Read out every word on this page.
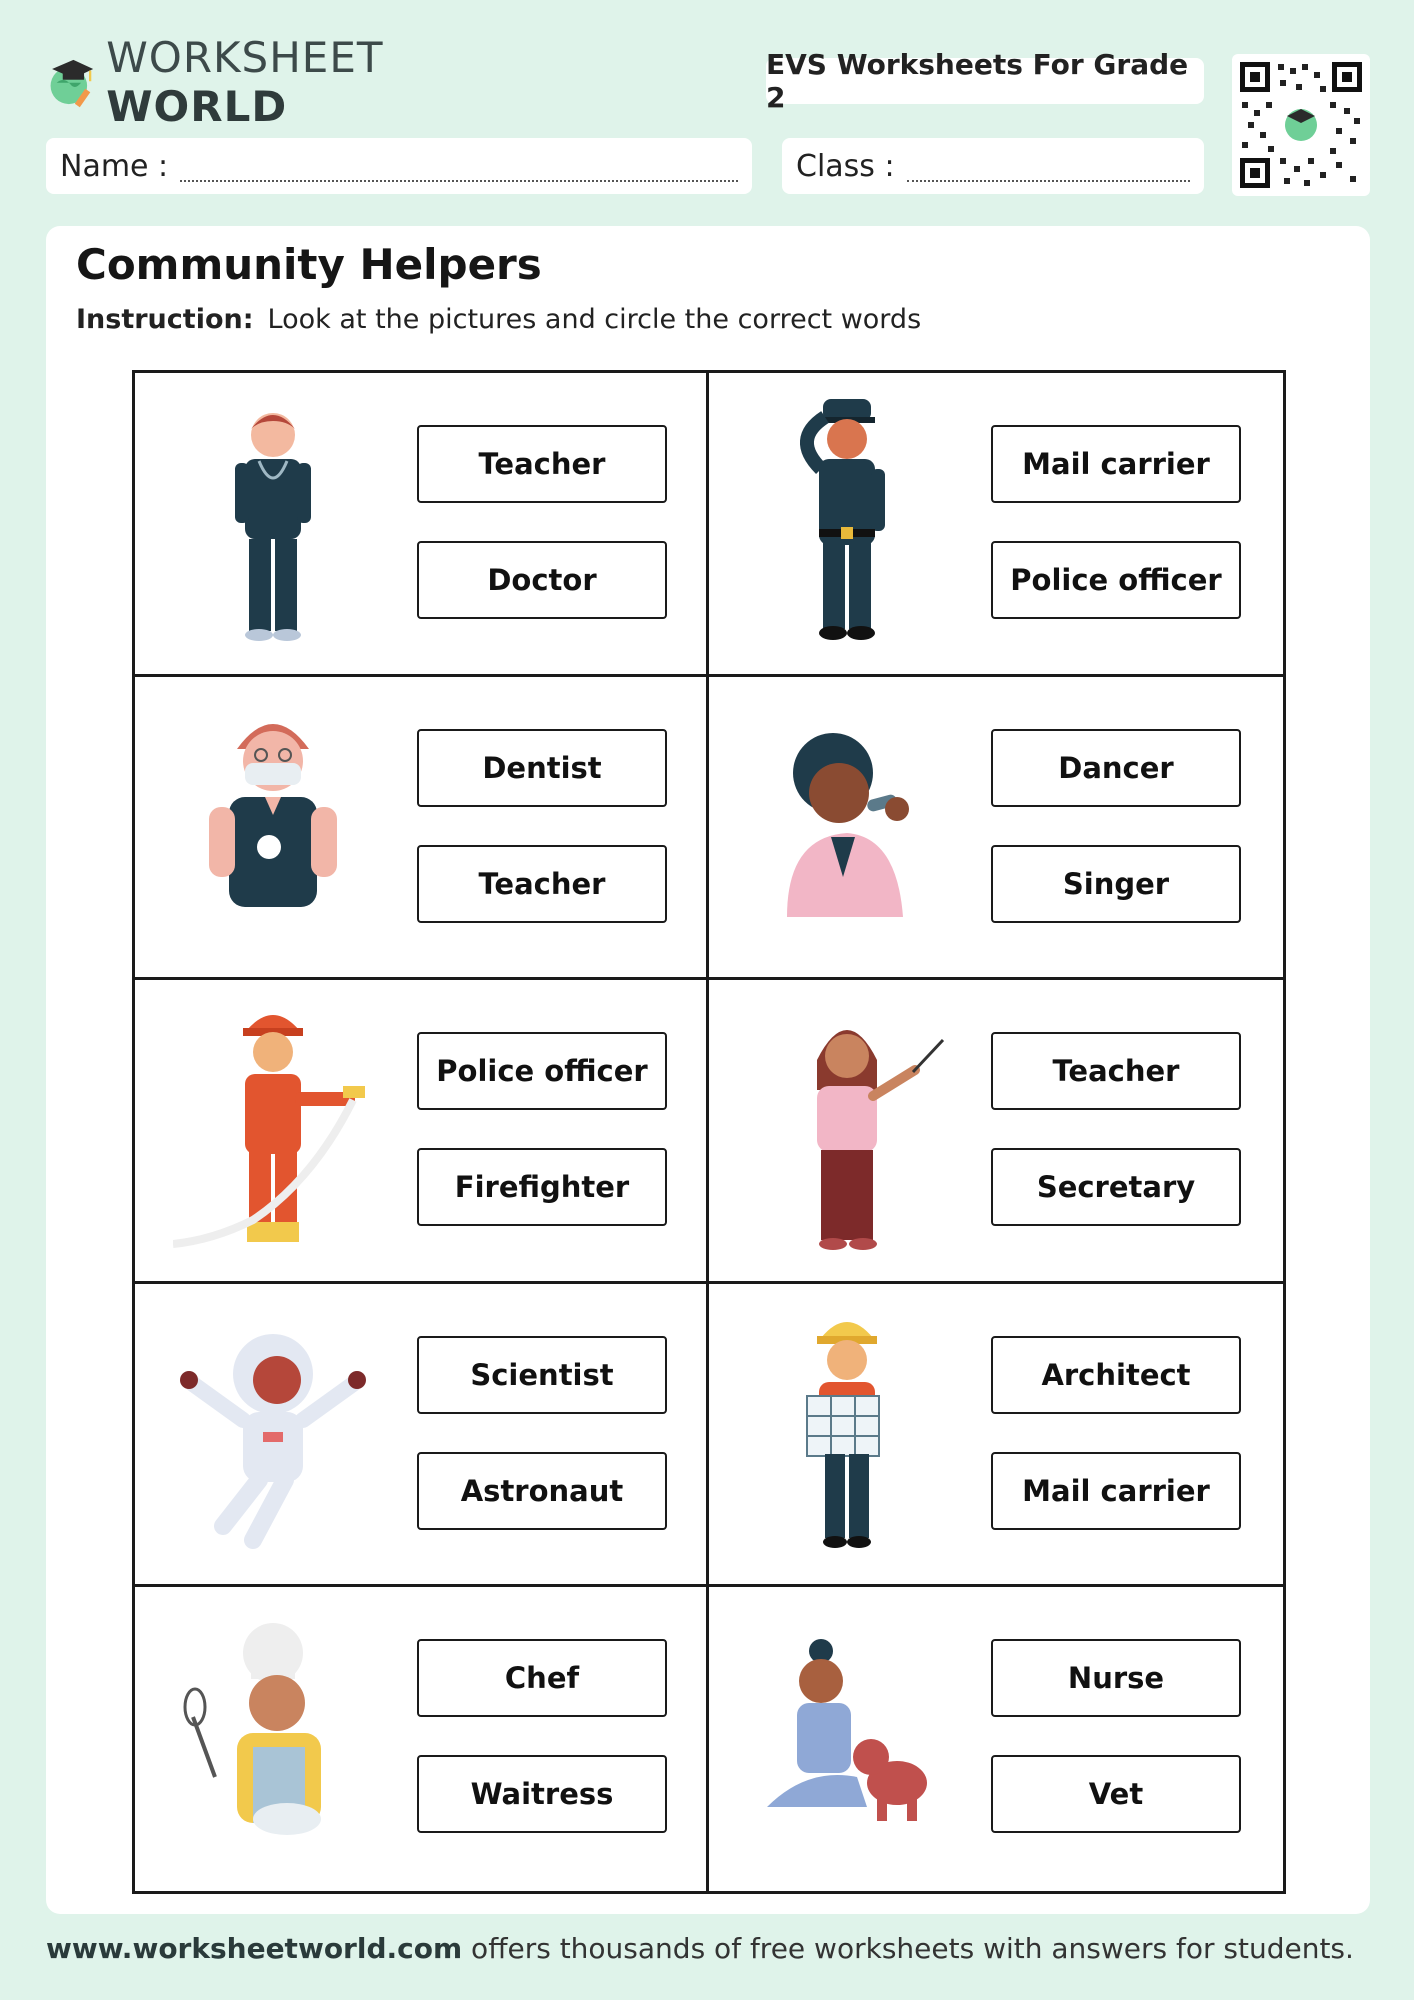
WORKSHEET WORLD
EVS Worksheets For Grade 2
Name :	Class :
Community Helpers
Instruction: Look at the pictures and circle the correct words
Teacher
Doctor
Mail carrier
Police officer
Dentist
Teacher
Dancer
Singer
Police officer
Firefighter
Teacher
Secretary
Scientist
Astronaut
Architect
Mail carrier
Chef
Waitress
Nurse
Vet
www.worksheetworld.com offers thousands of free worksheets with answers for students.
